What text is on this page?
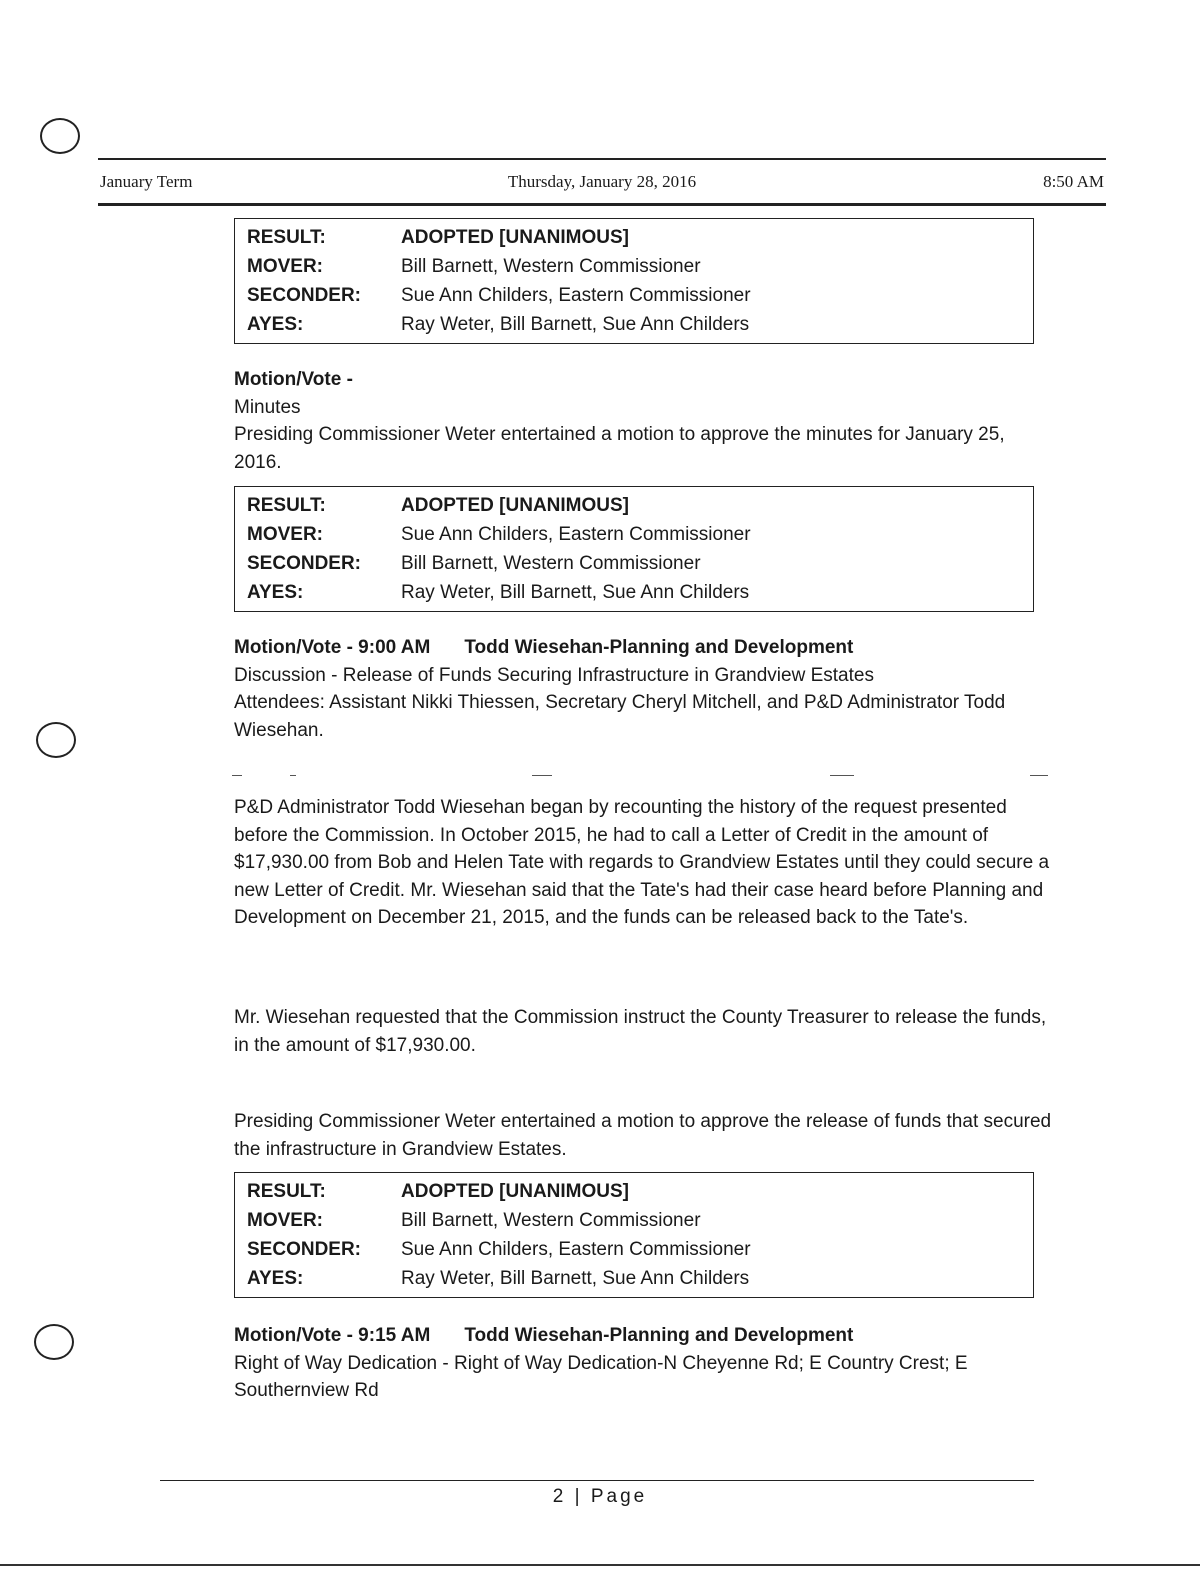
January Term	Thursday, January 28, 2016	8:50 AM
RESULT:	ADOPTED [UNANIMOUS]
MOVER:	Bill Barnett, Western Commissioner
SECONDER:	Sue Ann Childers, Eastern Commissioner
AYES:	Ray Weter, Bill Barnett, Sue Ann Childers
Motion/Vote -
Minutes
Presiding Commissioner Weter entertained a motion to approve the minutes for January 25, 2016.
RESULT:	ADOPTED [UNANIMOUS]
MOVER:	Sue Ann Childers, Eastern Commissioner
SECONDER:	Bill Barnett, Western Commissioner
AYES:	Ray Weter, Bill Barnett, Sue Ann Childers
Motion/Vote - 9:00 AM Todd Wiesehan-Planning and Development
Discussion - Release of Funds Securing Infrastructure in Grandview Estates
Attendees: Assistant Nikki Thiessen, Secretary Cheryl Mitchell, and P&D Administrator Todd Wiesehan.
P&D Administrator Todd Wiesehan began by recounting the history of the request presented before the Commission. In October 2015, he had to call a Letter of Credit in the amount of $17,930.00 from Bob and Helen Tate with regards to Grandview Estates until they could secure a new Letter of Credit. Mr. Wiesehan said that the Tate's had their case heard before Planning and Development on December 21, 2015, and the funds can be released back to the Tate's.
Mr. Wiesehan requested that the Commission instruct the County Treasurer to release the funds, in the amount of $17,930.00.
Presiding Commissioner Weter entertained a motion to approve the release of funds that secured the infrastructure in Grandview Estates.
RESULT:	ADOPTED [UNANIMOUS]
MOVER:	Bill Barnett, Western Commissioner
SECONDER:	Sue Ann Childers, Eastern Commissioner
AYES:	Ray Weter, Bill Barnett, Sue Ann Childers
Motion/Vote - 9:15 AM Todd Wiesehan-Planning and Development
Right of Way Dedication - Right of Way Dedication-N Cheyenne Rd; E Country Crest; E Southernview Rd
2 | Page
